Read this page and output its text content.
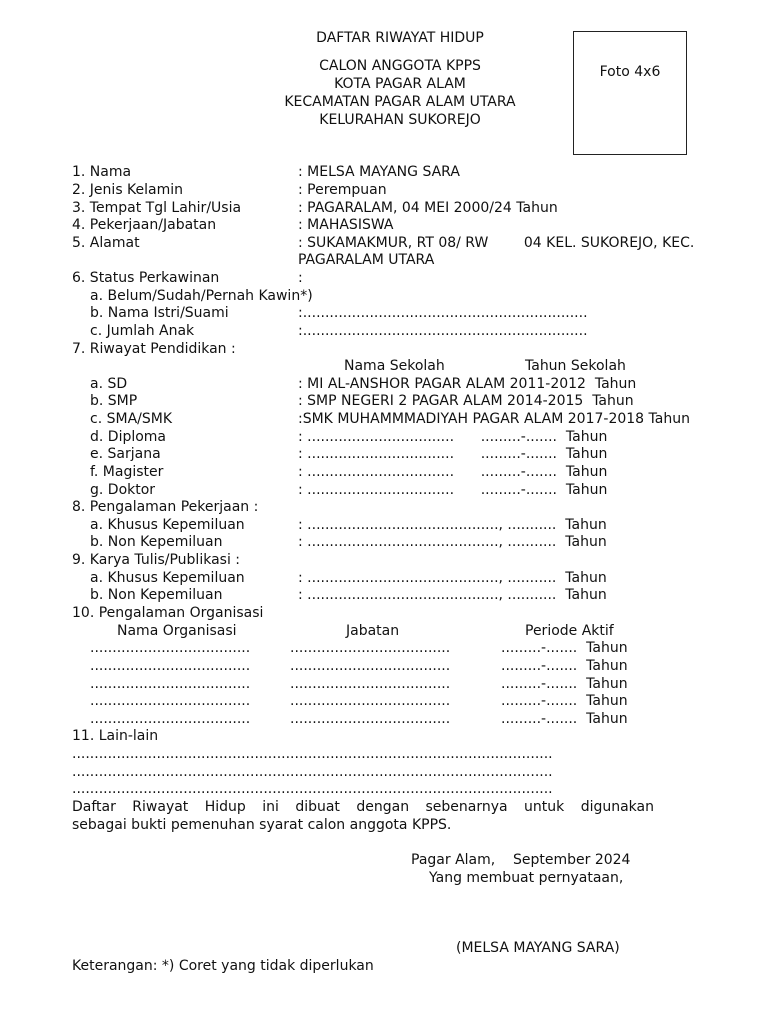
DAFTAR RIWAYAT HIDUP
CALON ANGGOTA KPPS
KOTA PAGAR ALAM
KECAMATAN PAGAR ALAM UTARA
KELURAHAN SUKOREJO
Foto 4x6
1. Nama	: MELSA MAYANG SARA
2. Jenis Kelamin	: Perempuan
3. Tempat Tgl Lahir/Usia	: PAGARALAM, 04 MEI 2000/24 Tahun
4. Pekerjaan/Jabatan	: MAHASISWA
5. Alamat	: SUKAMAKMUR, RT 08/ RW        04 KEL. SUKOREJO, KEC.
PAGARALAM UTARA
6. Status Perkawinan	:
a. Belum/Sudah/Pernah Kawin*)
b. Nama Istri/Suami	:................................................................
c. Jumlah Anak	:................................................................
7. Riwayat Pendidikan :
Nama Sekolah	Tahun Sekolah
a. SD	: MI AL-ANSHOR PAGAR ALAM 2011-2012  Tahun
b. SMP	: SMP NEGERI 2 PAGAR ALAM 2014-2015  Tahun
c. SMA/SMK	:SMK MUHAMMMADIYAH PAGAR ALAM 2017-2018 Tahun
d. Diploma	: .................................      .........-.......  Tahun
e. Sarjana	: .................................      .........-.......  Tahun
f. Magister	: .................................      .........-.......  Tahun
g. Doktor	: .................................      .........-.......  Tahun
8. Pengalaman Pekerjaan :
a. Khusus Kepemiluan	: ..........................................., ...........  Tahun
b. Non Kepemiluan	: ..........................................., ...........  Tahun
9. Karya Tulis/Publikasi :
a. Khusus Kepemiluan	: ..........................................., ...........  Tahun
b. Non Kepemiluan	: ..........................................., ...........  Tahun
10. Pengalaman Organisasi
Nama Organisasi	Jabatan	Periode Aktif
....................................	....................................	.........-.......  Tahun
....................................	....................................	.........-.......  Tahun
....................................	....................................	.........-.......  Tahun
....................................	....................................	.........-.......  Tahun
....................................	....................................	.........-.......  Tahun
11. Lain-lain
............................................................................................................
............................................................................................................
............................................................................................................
Daftar Riwayat Hidup ini dibuat dengan sebenarnya untuk digunakan
sebagai bukti pemenuhan syarat calon anggota KPPS.
Pagar Alam,    September 2024
Yang membuat pernyataan,
(MELSA MAYANG SARA)
Keterangan: *) Coret yang tidak diperlukan
